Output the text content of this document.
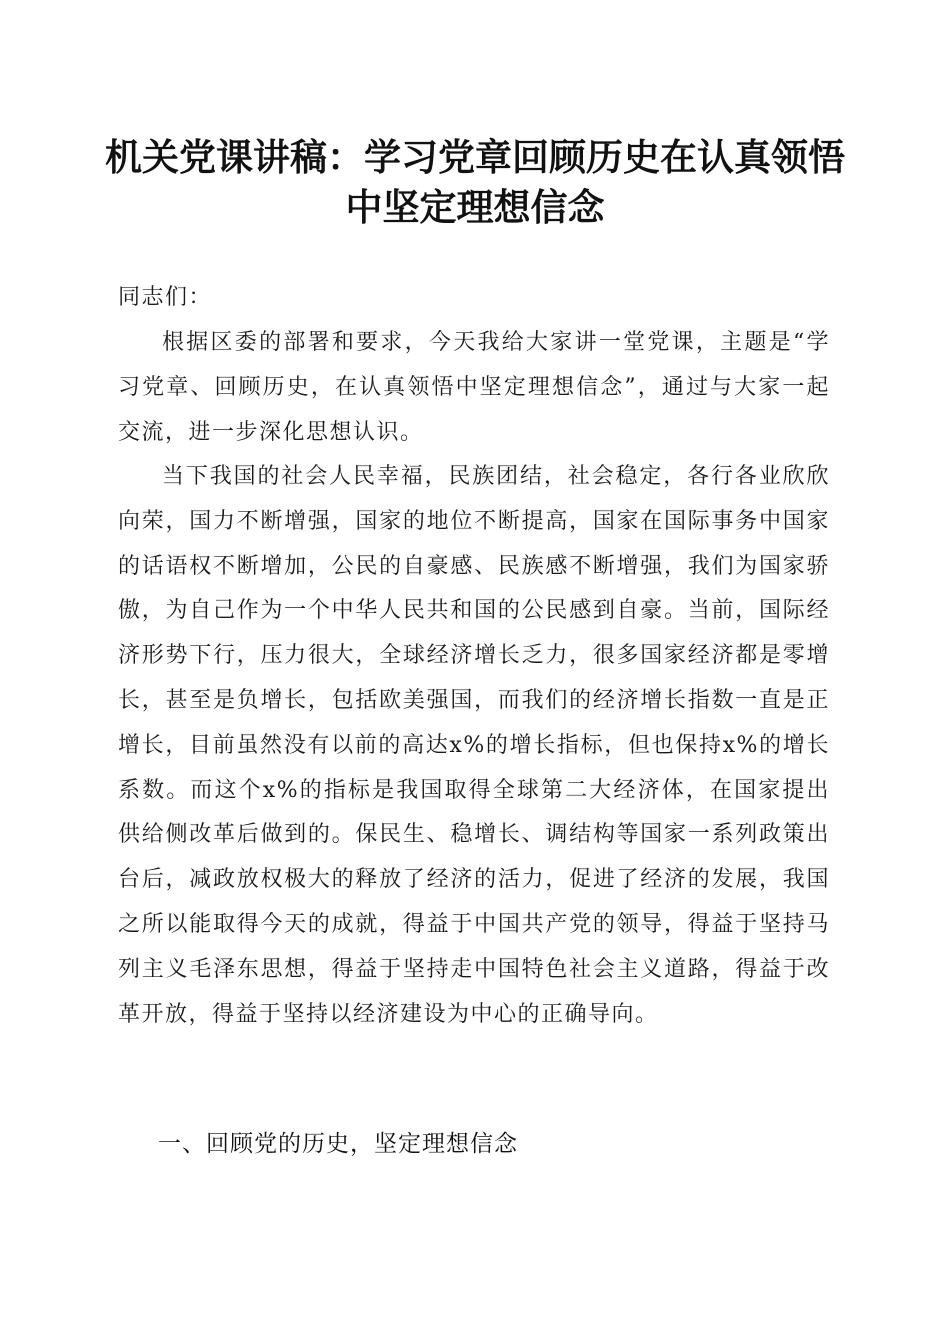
机关党课讲稿：学习党章回顾历史在认真领悟
中坚定理想信念

同志们：

根据区委的部署和要求，今天我给大家讲一堂党课，主题是“学习党章、回顾历史，在认真领悟中坚定理想信念”，通过与大家一起交流，进一步深化思想认识。

当下我国的社会人民幸福，民族团结，社会稳定，各行各业欣欣向荣，国力不断增强，国家的地位不断提高，国家在国际事务中国家的话语权不断增加，公民的自豪感、民族感不断增强，我们为国家骄傲，为自己作为一个中华人民共和国的公民感到自豪。当前，国际经济形势下行，压力很大，全球经济增长乏力，很多国家经济都是零增长，甚至是负增长，包括欧美强国，而我们的经济增长指数一直是正增长，目前虽然没有以前的高达x%的增长指标，但也保持x%的增长系数。而这个x%的指标是我国取得全球第二大经济体，在国家提出供给侧改革后做到的。保民生、稳增长、调结构等国家一系列政策出台后，减政放权极大的释放了经济的活力，促进了经济的发展，我国之所以能取得今天的成就，得益于中国共产党的领导，得益于坚持马列主义毛泽东思想，得益于坚持走中国特色社会主义道路，得益于改革开放，得益于坚持以经济建设为中心的正确导向。

一、回顾党的历史，坚定理想信念
